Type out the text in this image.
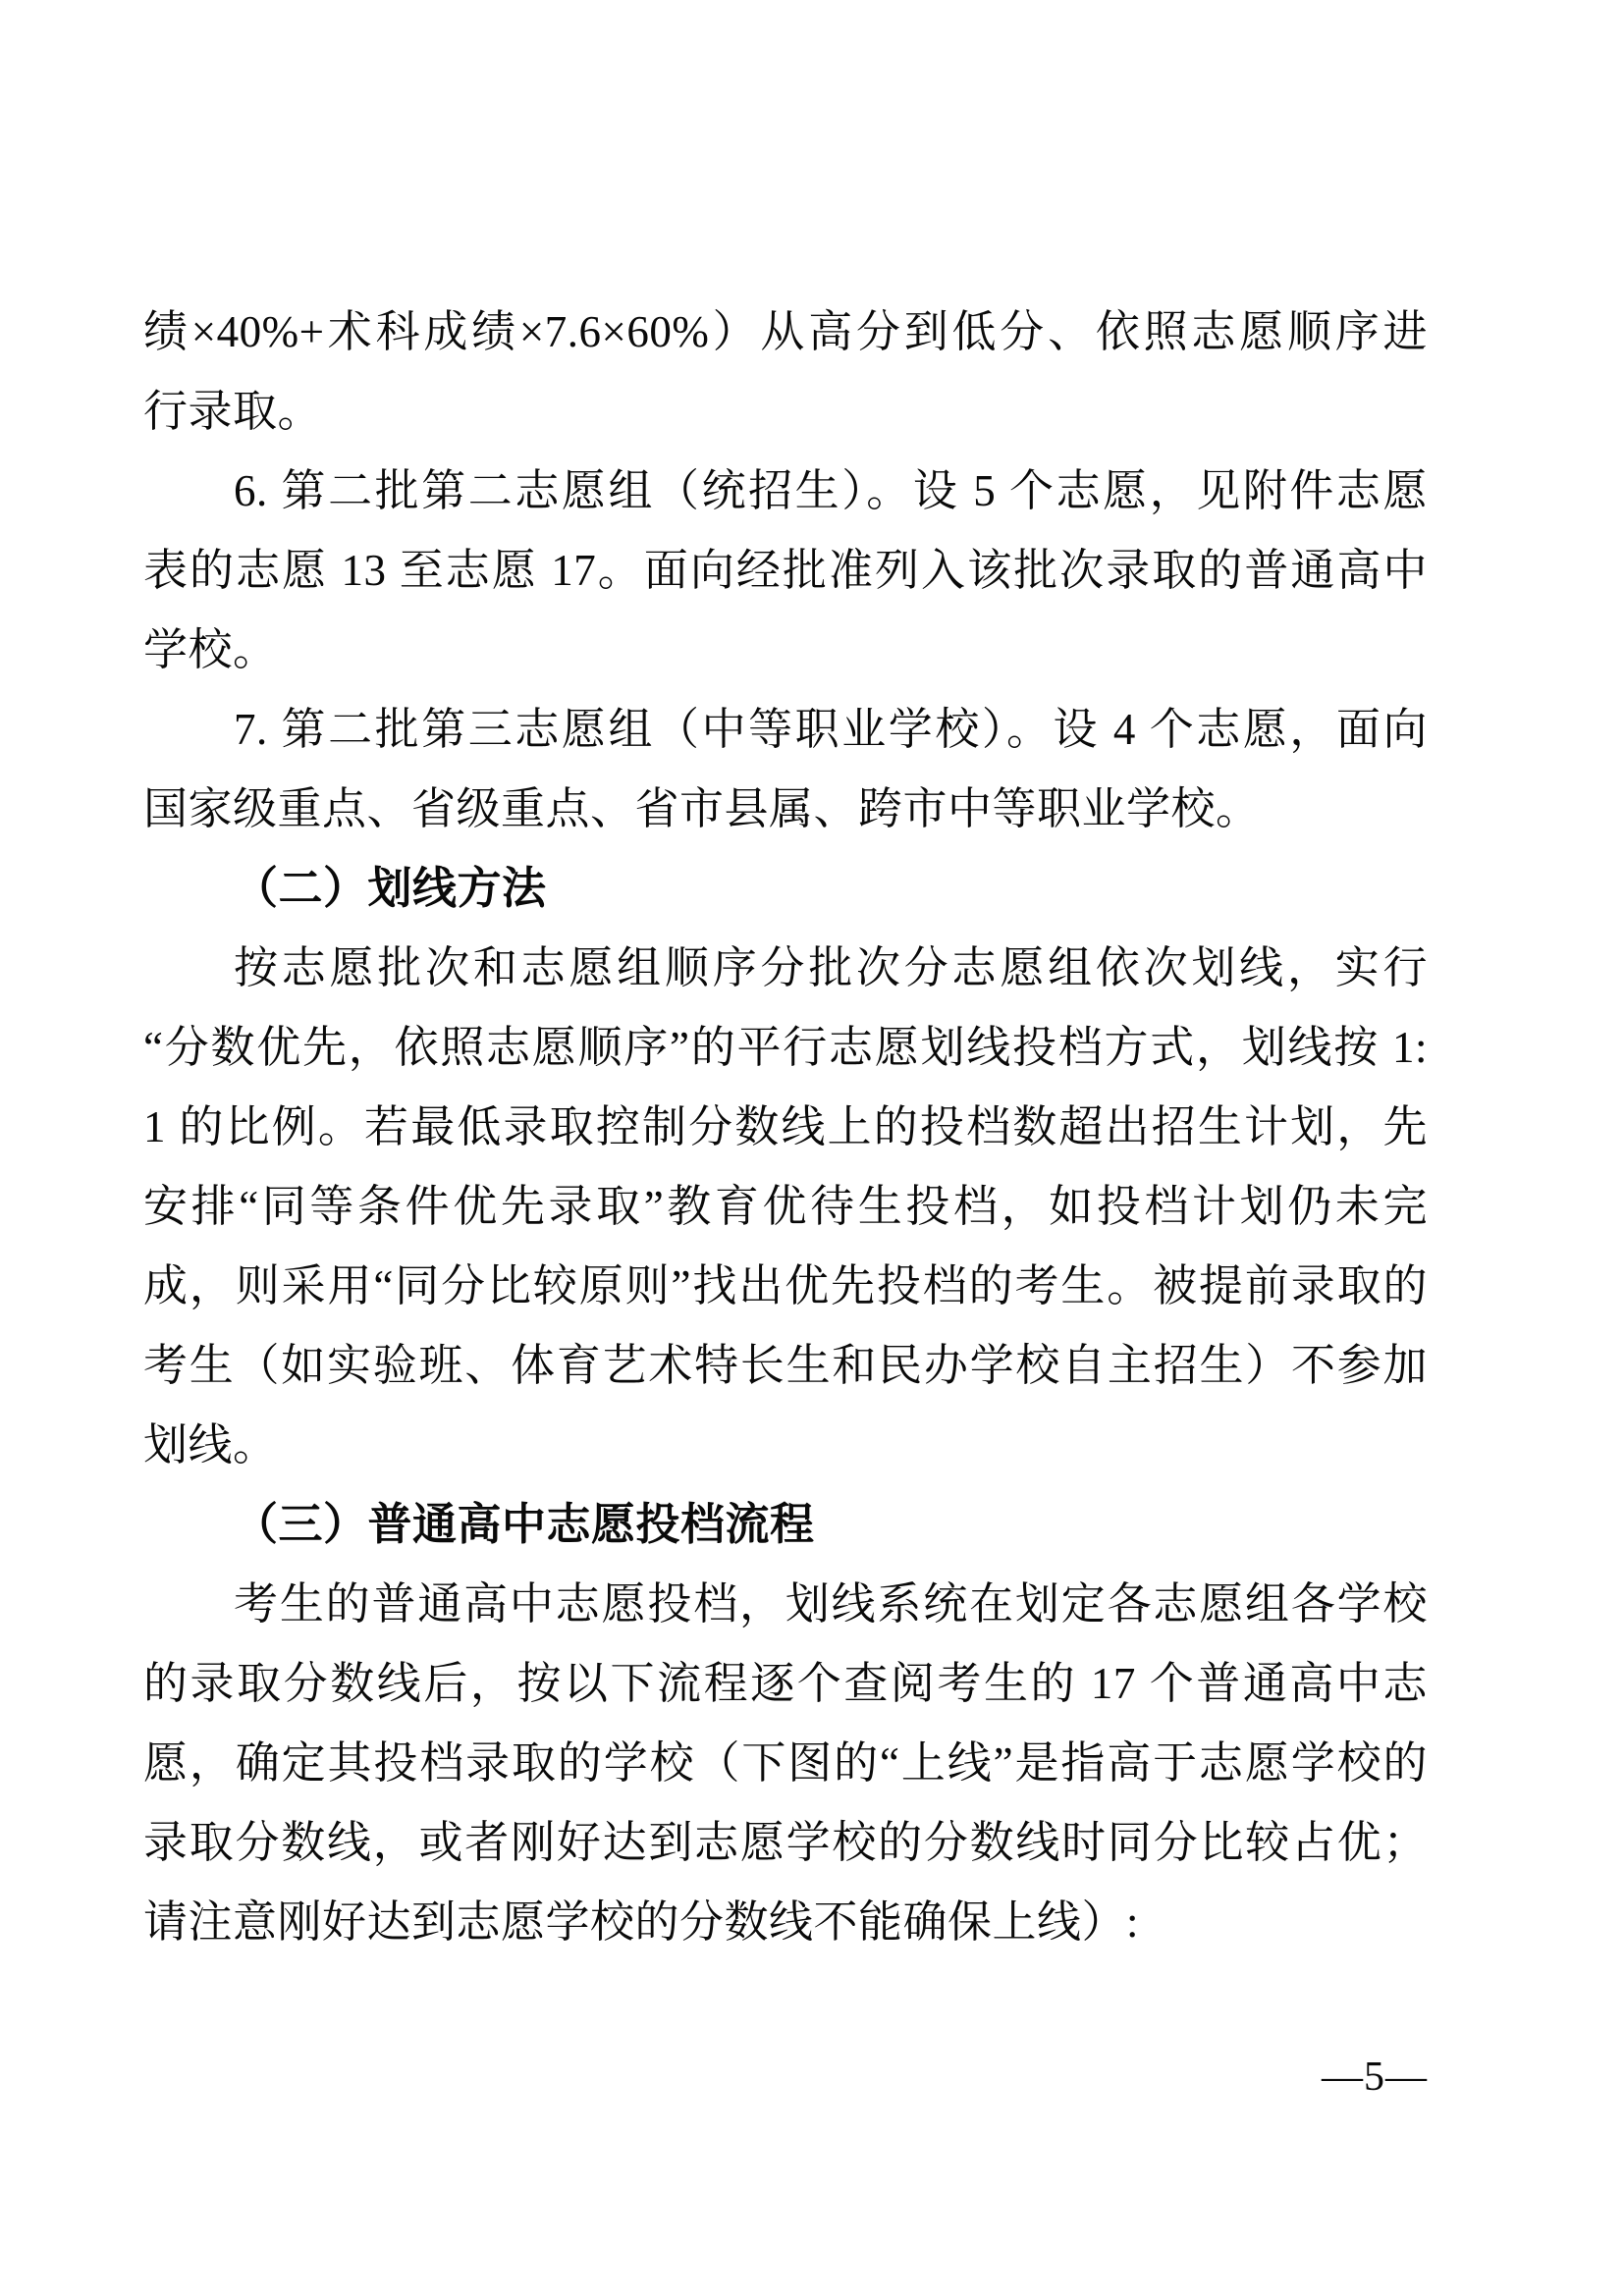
绩×40%+术科成绩×7.6×60%）从高分到低分、依照志愿顺序进
行录取。
6. 第二批第二志愿组（统招生）。设 5 个志愿，见附件志愿
表的志愿 13 至志愿 17。面向经批准列入该批次录取的普通高中
学校。
7. 第二批第三志愿组（中等职业学校）。设 4 个志愿，面向
国家级重点、省级重点、省市县属、跨市中等职业学校。
（二）划线方法
按志愿批次和志愿组顺序分批次分志愿组依次划线，实行
“分数优先，依照志愿顺序”的平行志愿划线投档方式，划线按 1:
1 的比例。若最低录取控制分数线上的投档数超出招生计划，先
安排“同等条件优先录取”教育优待生投档，如投档计划仍未完
成，则采用“同分比较原则”找出优先投档的考生。被提前录取的
考生（如实验班、体育艺术特长生和民办学校自主招生）不参加
划线。
（三）普通高中志愿投档流程
考生的普通高中志愿投档，划线系统在划定各志愿组各学校
的录取分数线后，按以下流程逐个查阅考生的 17 个普通高中志
愿，确定其投档录取的学校（下图的“上线”是指高于志愿学校的
录取分数线，或者刚好达到志愿学校的分数线时同分比较占优；
请注意刚好达到志愿学校的分数线不能确保上线）:
—5—
